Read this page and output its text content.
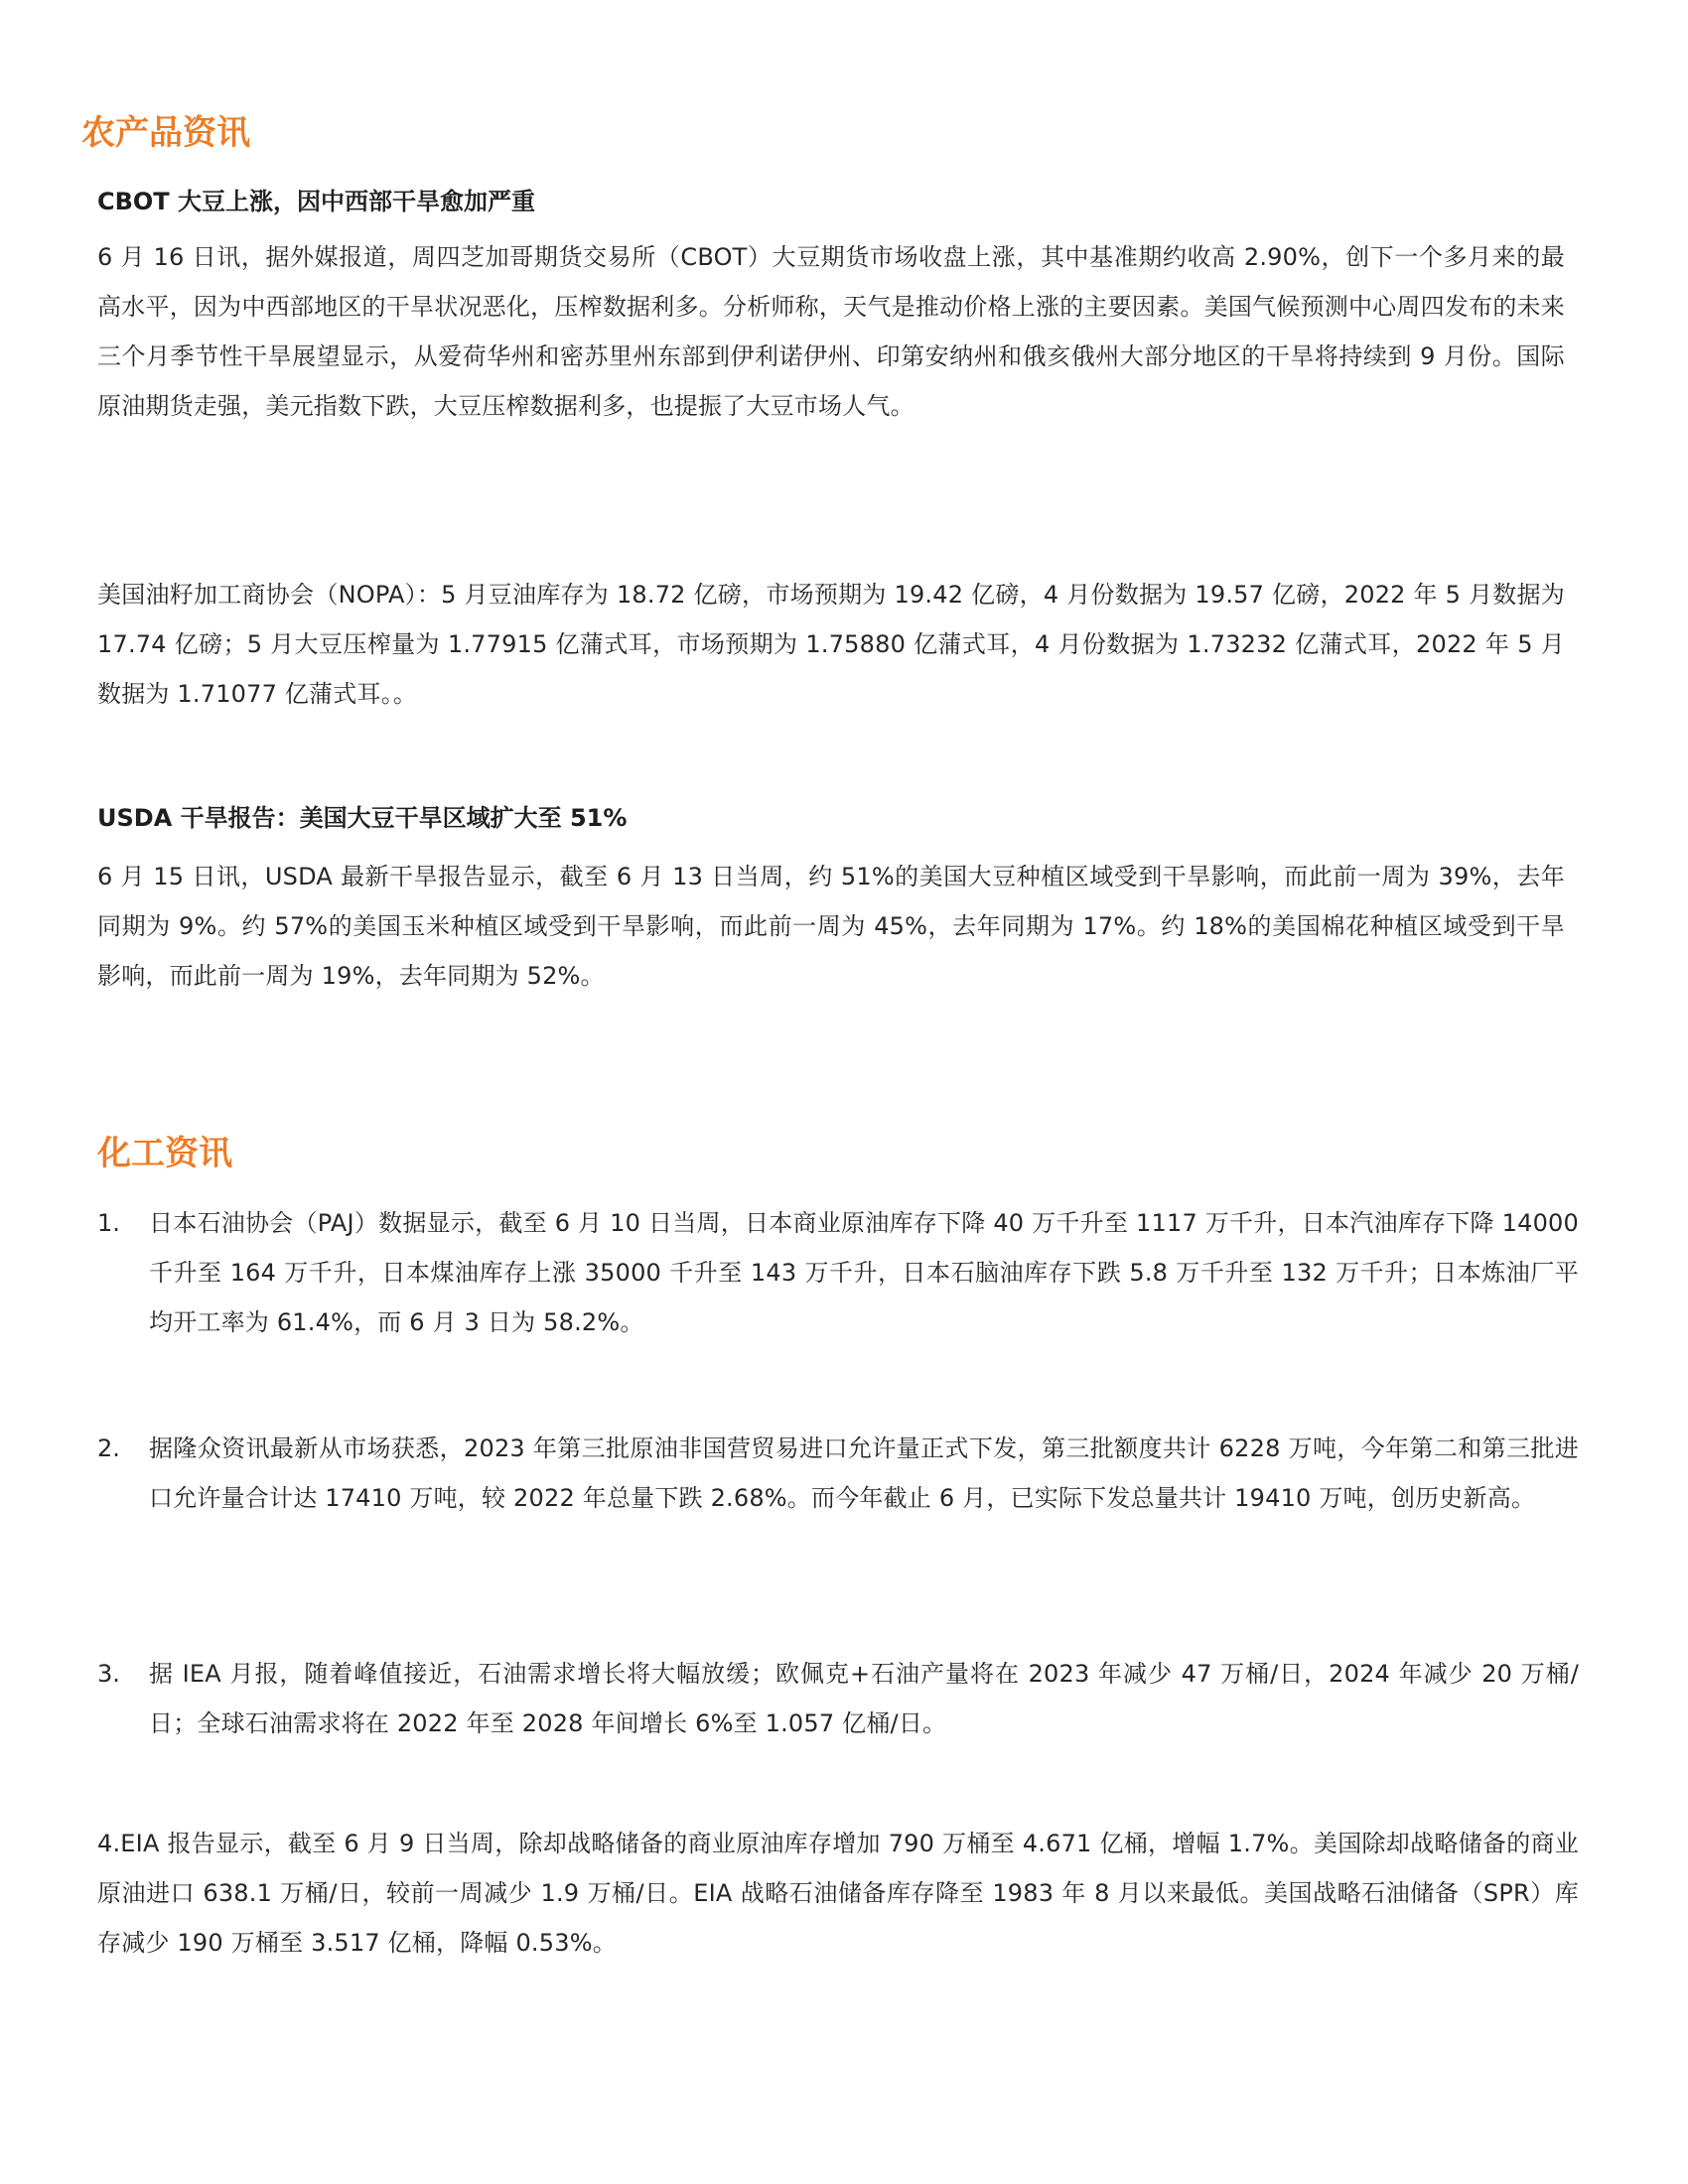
农产品资讯
CBOT 大豆上涨，因中西部干旱愈加严重

6 月 16 日讯，据外媒报道，周四芝加哥期货交易所（CBOT）大豆期货市场收盘上涨，其中基准期约收高 2.90%，创下一个多月来的最高水平，因为中西部地区的干旱状况恶化，压榨数据利多。分析师称，天气是推动价格上涨的主要因素。美国气候预测中心周四发布的未来三个月季节性干旱展望显示，从爱荷华州和密苏里州东部到伊利诺伊州、印第安纳州和俄亥俄州大部分地区的干旱将持续到 9 月份。国际原油期货走强，美元指数下跌，大豆压榨数据利多，也提振了大豆市场人气。

美国油籽加工商协会（NOPA）：5 月豆油库存为 18.72 亿磅，市场预期为 19.42 亿磅，4 月份数据为 19.57 亿磅，2022 年 5 月数据为 17.74 亿磅；5 月大豆压榨量为 1.77915 亿蒲式耳，市场预期为 1.75880 亿蒲式耳，4 月份数据为 1.73232 亿蒲式耳，2022 年 5 月数据为 1.71077 亿蒲式耳。。

USDA 干旱报告：美国大豆干旱区域扩大至 51%

6 月 15 日讯，USDA 最新干旱报告显示，截至 6 月 13 日当周，约 51%的美国大豆种植区域受到干旱影响，而此前一周为 39%，去年同期为 9%。约 57%的美国玉米种植区域受到干旱影响，而此前一周为 45%，去年同期为 17%。约 18%的美国棉花种植区域受到干旱影响，而此前一周为 19%，去年同期为 52%。

化工资讯
1.	日本石油协会（PAJ）数据显示，截至 6 月 10 日当周，日本商业原油库存下降 40 万千升至 1117 万千升，日本汽油库存下降 14000 千升至 164 万千升，日本煤油库存上涨 35000 千升至 143 万千升，日本石脑油库存下跌 5.8 万千升至 132 万千升；日本炼油厂平均开工率为 61.4%，而 6 月 3 日为 58.2%。
2.	据隆众资讯最新从市场获悉，2023 年第三批原油非国营贸易进口允许量正式下发，第三批额度共计 6228 万吨，今年第二和第三批进口允许量合计达 17410 万吨，较 2022 年总量下跌 2.68%。而今年截止 6 月，已实际下发总量共计 19410 万吨，创历史新高。
3.	据 IEA 月报，随着峰值接近，石油需求增长将大幅放缓；欧佩克+石油产量将在 2023 年减少 47 万桶/日，2024 年减少 20 万桶/日；全球石油需求将在 2022 年至 2028 年间增长 6%至 1.057 亿桶/日。

4.EIA 报告显示，截至 6 月 9 日当周，除却战略储备的商业原油库存增加 790 万桶至 4.671 亿桶，增幅 1.7%。美国除却战略储备的商业原油进口 638.1 万桶/日，较前一周减少 1.9 万桶/日。EIA 战略石油储备库存降至 1983 年 8 月以来最低。美国战略石油储备（SPR）库存减少 190 万桶至 3.517 亿桶，降幅 0.53%。
